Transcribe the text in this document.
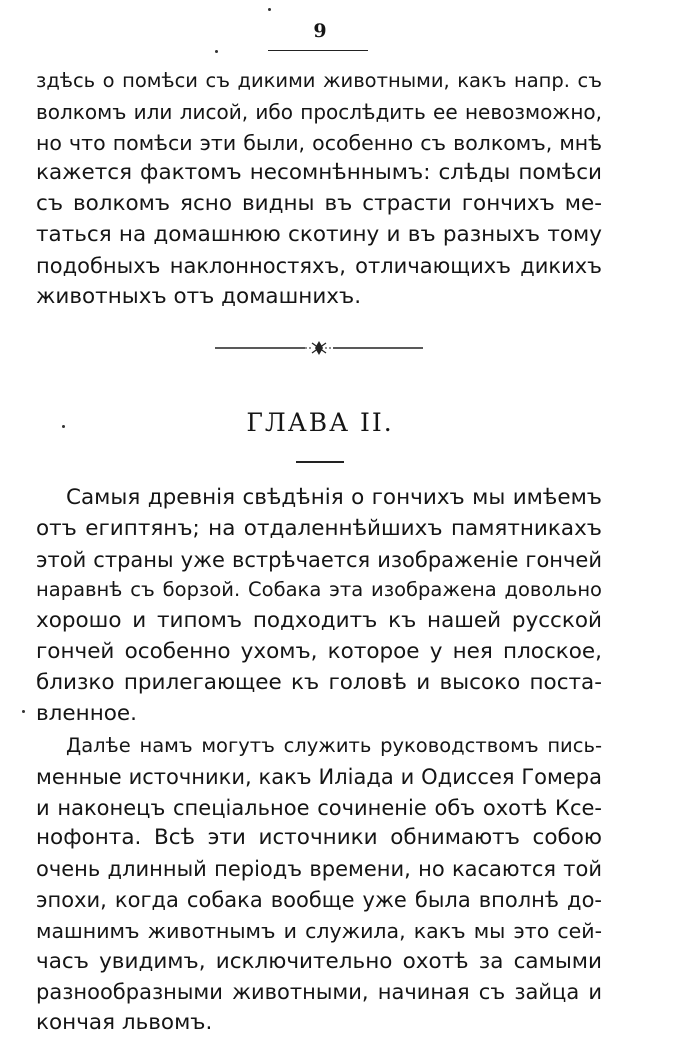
9
здѣсь о помѣси съ дикими животными, какъ напр. съ
волкомъ или лисой, ибо прослѣдить ее невозможно,
но что помѣси эти были, особенно съ волкомъ, мнѣ
кажется фактомъ несомнѣннымъ: слѣды помѣси
съ волкомъ ясно видны въ страсти гончихъ ме-
таться на домашнюю скотину и въ разныхъ тому
подобныхъ наклонностяхъ, отличающихъ дикихъ
животныхъ отъ домашнихъ.
ГЛАВА II.
Самыя древнія свѣдѣнія о гончихъ мы имѣемъ
отъ египтянъ; на отдаленнѣйшихъ памятникахъ
этой страны уже встрѣчается изображеніе гончей
наравнѣ съ борзой. Собака эта изображена довольно
хорошо и типомъ подходитъ къ нашей русской
гончей особенно ухомъ, которое у нея плоское,
близко прилегающее къ головѣ и высоко поста-
вленное.
Далѣе намъ могутъ служить руководствомъ пись-
менные источники, какъ Иліада и Одиссея Гомера
и наконецъ спеціальное сочиненіе объ охотѣ Ксе-
нофонта. Всѣ эти источники обнимаютъ собою
очень длинный періодъ времени, но касаются той
эпохи, когда собака вообще уже была вполнѣ до-
машнимъ животнымъ и служила, какъ мы это сей-
часъ увидимъ, исключительно охотѣ за самыми
разнообразными животными, начиная съ зайца и
кончая львомъ.
